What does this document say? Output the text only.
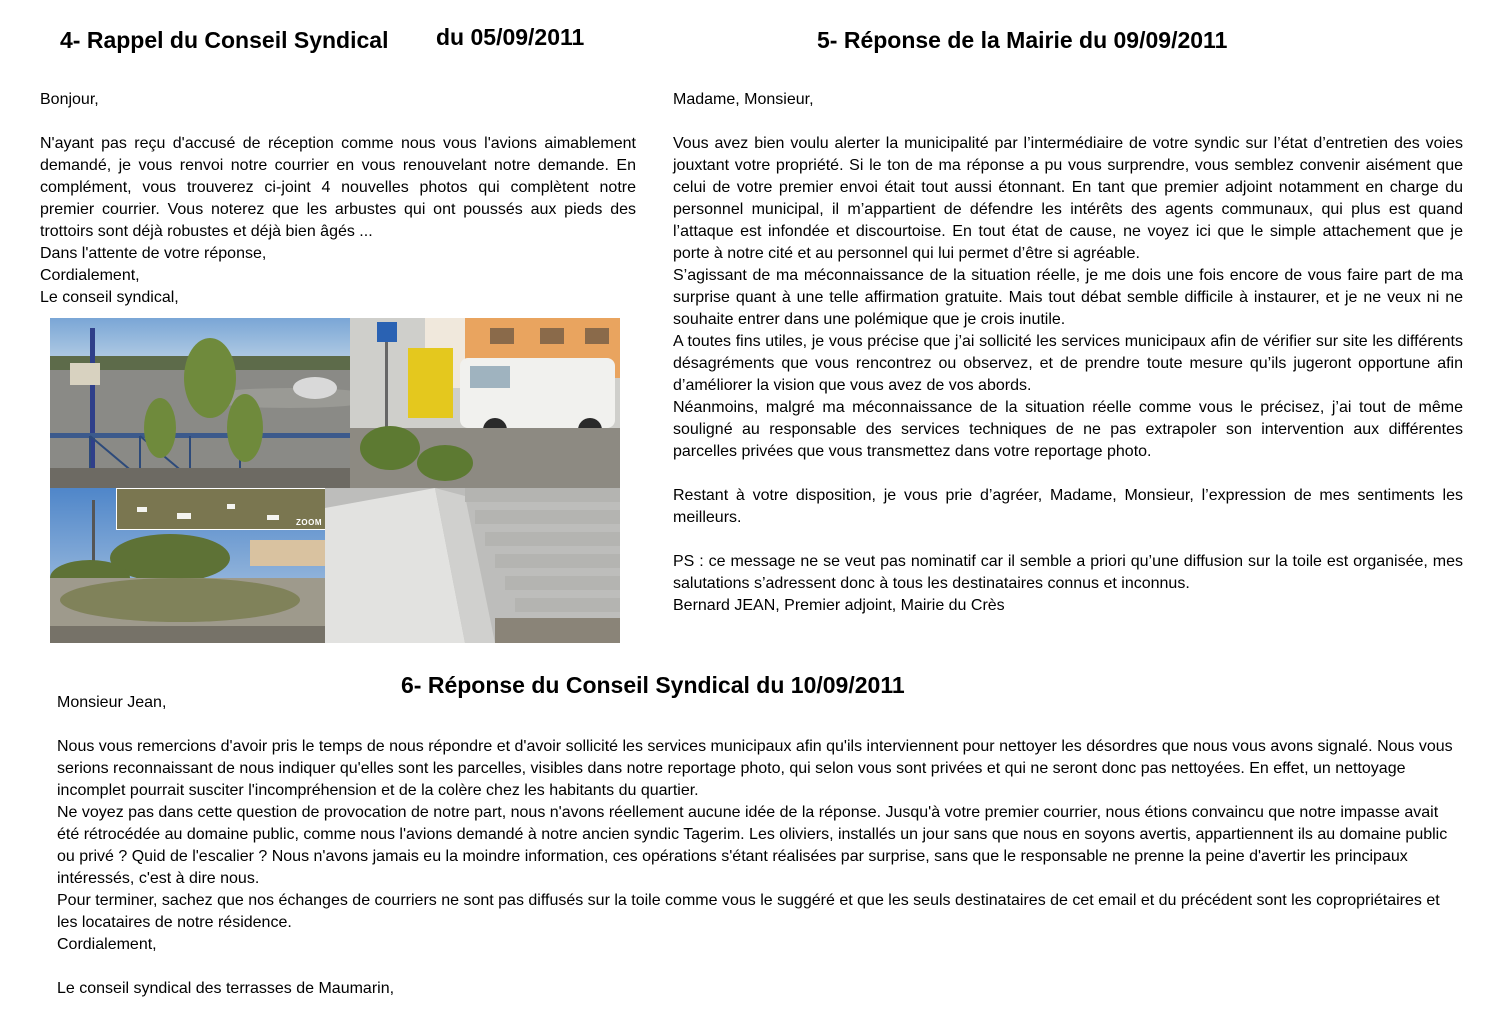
4- Rappel du Conseil Syndical du 05/09/2011

Bonjour,

N'ayant pas reçu d'accusé de réception comme nous vous l'avions aimablement demandé, je vous renvoi notre courrier en vous renouvelant notre demande. En complément, vous trouverez ci-joint 4 nouvelles photos qui complètent notre premier courrier. Vous noterez que les arbustes qui ont poussés aux pieds des trottoirs sont déjà robustes et déjà bien âgés ...

Dans l'attente de votre réponse,

Cordialement,

Le conseil syndical,

ZOOM
5- Réponse de la Mairie du 09/09/2011

Madame, Monsieur,

Vous avez bien voulu alerter la municipalité par l’intermédiaire de votre syndic sur l’état d’entretien des voies jouxtant votre propriété. Si le ton de ma réponse a pu vous surprendre, vous semblez convenir aisément que celui de votre premier envoi était tout aussi étonnant. En tant que premier adjoint notamment en charge du personnel municipal, il m’appartient de défendre les intérêts des agents communaux, qui plus est quand l’attaque est infondée et discourtoise. En tout état de cause, ne voyez ici que le simple attachement que je porte à notre cité et au personnel qui lui permet d’être si agréable.

S’agissant de ma méconnaissance de la situation réelle, je me dois une fois encore de vous faire part de ma surprise quant à une telle affirmation gratuite. Mais tout débat semble difficile à instaurer, et je ne veux ni ne souhaite entrer dans une polémique que je crois inutile.

A toutes fins utiles, je vous précise que j’ai sollicité les services municipaux afin de vérifier sur site les différents désagréments que vous rencontrez ou observez, et de prendre toute mesure qu’ils jugeront opportune afin d’améliorer la vision que vous avez de vos abords.

Néanmoins, malgré ma méconnaissance de la situation réelle comme vous le précisez, j’ai tout de même souligné au responsable des services techniques de ne pas extrapoler son intervention aux différentes parcelles privées que vous transmettez dans votre reportage photo.

Restant à votre disposition, je vous prie d’agréer, Madame, Monsieur, l’expression de mes sentiments les meilleurs.

PS : ce message ne se veut pas nominatif car il semble a priori qu’une diffusion sur la toile est organisée, mes salutations s’adressent donc à tous les destinataires connus et inconnus.

Bernard JEAN, Premier adjoint, Mairie du Crès

6- Réponse du Conseil Syndical du 10/09/2011

Monsieur Jean,

Nous vous remercions d'avoir pris le temps de nous répondre et d'avoir sollicité les services municipaux afin qu'ils interviennent pour nettoyer les désordres que nous vous avons signalé. Nous vous serions reconnaissant de nous indiquer qu'elles sont les parcelles, visibles dans notre reportage photo, qui selon vous sont privées et qui ne seront donc pas nettoyées. En effet, un nettoyage incomplet pourrait susciter l'incompréhension et de la colère chez les habitants du quartier.

Ne voyez pas dans cette question de provocation de notre part, nous n'avons réellement aucune idée de la réponse. Jusqu'à votre premier courrier, nous étions convaincu que notre impasse avait été rétrocédée au domaine public, comme nous l'avions demandé à notre ancien syndic Tagerim. Les oliviers, installés un jour sans que nous en soyons avertis, appartiennent ils au domaine public ou privé ? Quid de l'escalier ? Nous n'avons jamais eu la moindre information, ces opérations s'étant réalisées par surprise, sans que le responsable ne prenne la peine d'avertir les principaux intéressés, c'est à dire nous.

Pour terminer, sachez que nos échanges de courriers ne sont pas diffusés sur la toile comme vous le suggéré et que les seuls destinataires de cet email et du précédent sont les copropriétaires et les locataires de notre résidence.

Cordialement,

Le conseil syndical des terrasses de Maumarin,
